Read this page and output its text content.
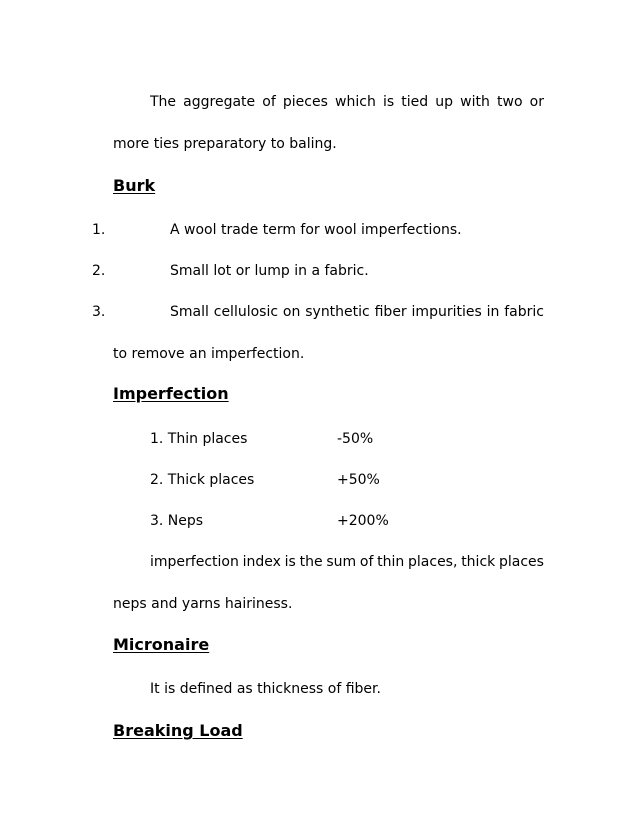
The aggregate of pieces which is tied up with two or
more ties preparatory to baling.
Burk
1.	A wool trade term for wool imperfections.
2.	Small lot or lump in a fabric.
3.	Small cellulosic on synthetic fiber impurities in fabric
to remove an imperfection.
Imperfection
1. Thin places	-50%
2. Thick places	+50%
3. Neps	+200%
imperfection index is the sum of thin places, thick places
neps and yarns hairiness.
Micronaire
It is defined as thickness of fiber.
Breaking Load
